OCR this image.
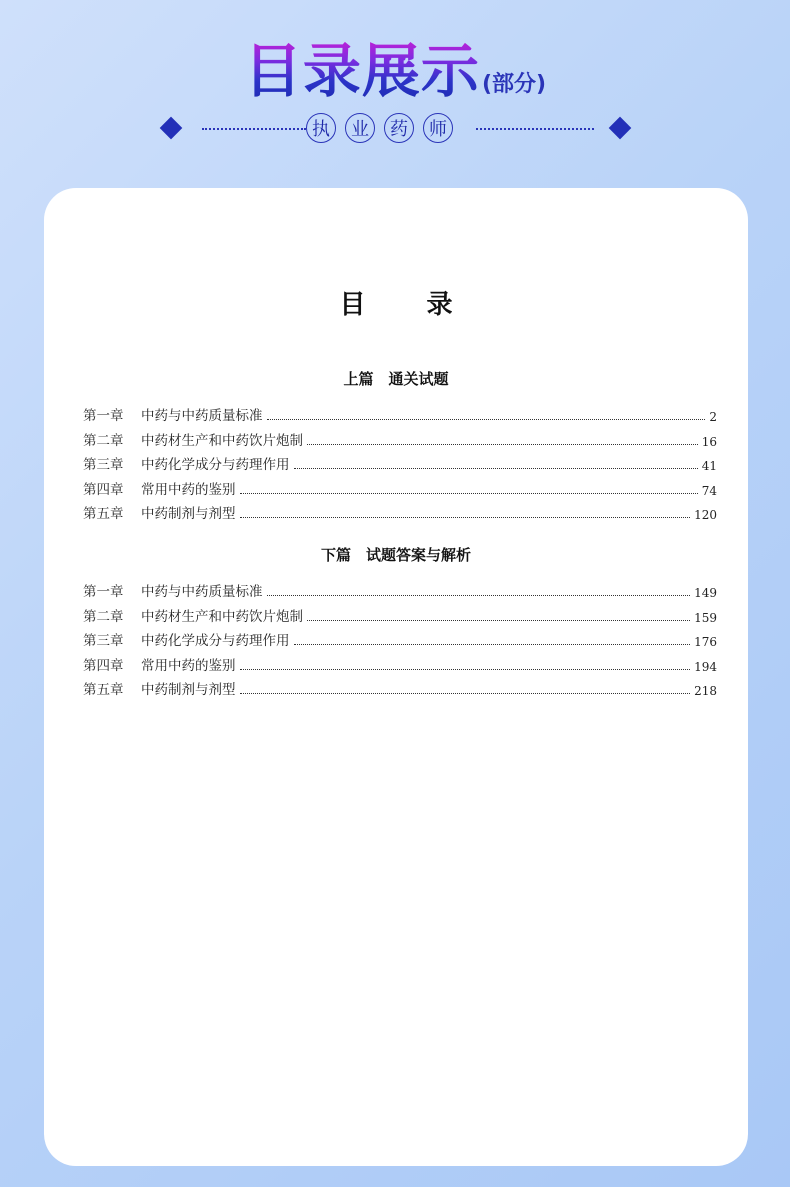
目录展示(部分)
执	业	药	师
目 录
上篇　通关试题
第一章	中药与中药质量标准	2
第二章	中药材生产和中药饮片炮制	16
第三章	中药化学成分与药理作用	41
第四章	常用中药的鉴别	74
第五章	中药制剂与剂型	120
下篇　试题答案与解析
第一章	中药与中药质量标准	149
第二章	中药材生产和中药饮片炮制	159
第三章	中药化学成分与药理作用	176
第四章	常用中药的鉴别	194
第五章	中药制剂与剂型	218
